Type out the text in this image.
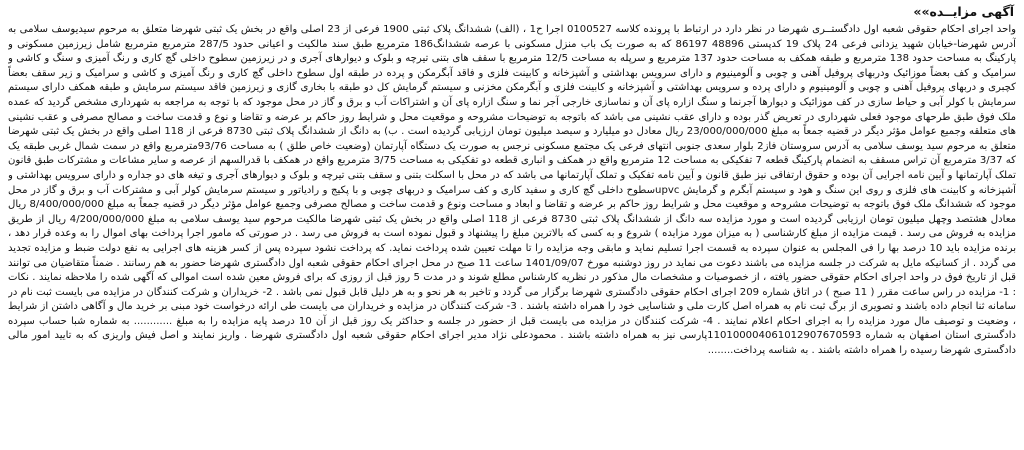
آگهی مزایــده»»

واحد اجرای احکام حقوقی شعبه اول دادگستــری شهرضا در نظر دارد در ارتباط با پرونده کلاسه 0100527 اجرا ح1 ، (الف) ششدانگ پلاک ثبتی 1900 فرعی از 23 اصلی واقع در بخش یک ثبتی شهرضا متعلق به مرحوم سیدیوسف سلامی به آدرس شهرضا-خیابان شهید یزدانی فرعی 24 پلاک 19 کدپستی 48896 86197 که به صورت یک باب منزل مسکونی با عرصه ششدانگ186 مترمربع طبق سند مالکیت و اعیانی حدود 287/5 مترمربع مترمربع شامل زیرزمین مسکونی و پارکینگ به مساحت حدود 138 مترمربع و طبقه همکف به مساحت حدود 137 مترمربع و سرپله به مساحت 12/5 مترمربع با سقف های بتنی تیرچه و بلوک و دیوارهای آجری و در زیرزمین سطوح داخلی گچ کاری و رنگ آمیزی و سنگ و کاشی و سرامیک و کف بعضاً موزائیک ودربهای پروفیل آهنی و چوبی و آلومینیوم و دارای سرویس بهداشتی و آشپزخانه و کابینت فلزی و فاقد آبگرمکن و پرده در طبقه اول سطوح داخلی گچ کاری و رنگ آمیزی و کاشی و سرامیک و زیر سقف بعضاً کچبری و دربهای پروفیل آهنی و چوبی و آلومینیوم و دارای پرده و سرویس بهداشتی و آشپزخانه و کابینت فلزی و آبگرمکن مخزنی و سیستم گرمایش کل دو طبقه با بخاری گازی و زیرزمین فاقد سیستم سرمایش و طبقه همکف دارای سیستم سرمایش با کولر آبی و حیاط سازی در کف موزائیک و دیوارها آجرنما و سنگ ازاره پای آن و نماسازی خارجی آجر نما و سنگ ازاره پای آن و اشتراکات آب و برق و گاز در محل موجود که با توجه به مراجعه به شهرداری مشخص گردید که عمده ملک فوق طبق طرحهای موجود فعلی شهرداری در تعریض گذر بوده و دارای عقب نشینی می باشد که باتوجه به توضیحات مشروحه و موقعیت محل و شرایط روز حاکم بر عرضه و تقاضا و نوع و قدمت ساخت و مصالح مصرفی و عقب نشینی های متعلقه وجمیع عوامل مؤثر دیگر در قضیه جمعاً به مبلغ 23/000/000/000 ریال معادل دو میلیارد و سیصد میلیون تومان ارزیابی گردیده است . ب) به دانگ از ششدانگ پلاک ثبتی 8730 فرعی از 118 اصلی واقع در بخش یک ثبتی شهرضا متعلق به مرحوم سید یوسف سلامی به آدرس سروستان فاز2 بلوار سعدی جنوبی انتهای فرعی یک مجتمع مسکونی نرجس به صورت یک دستگاه آپارتمان (وضعیت خاص طلق ) به مساحت 93/76مترمربع واقع در سمت شمال غربی طبقه یک که 3/37 مترمربع آن تراس مسقف به انضمام پارکینگ قطعه 7 تفکیکی به مساحت 12 مترمربع واقع در همکف و انباری قطعه دو تفکیکی به مساحت 3/75 مترمربع واقع در همکف با قدرالسهم از عرصه و سایر مشاعات و مشترکات طبق قانون تملک آپارتمانها و آیین نامه اجرایی آن بوده و حقوق ارتفاقی نیز طبق قانون و آیین نامه تفکیک و تملک آپارتمانها می باشد که در محل با اسکلت بتنی و سقف بتنی تیرچه و بلوک و دیوارهای آجری و تیغه های دو جداره و دارای سرویس بهداشتی و آشپزخانه و کابینت های فلزی و روی این سنگ و هود و سیستم آبگرم و گرمایش upvcسطوح داخلی گچ کاری و سفید کاری و کف سرامیک و دربهای چوبی و با پکیج و رادیاتور و سیستم سرمایش کولر آبی و مشترکات آب و برق و گاز در محل موجود که ششدانگ ملک فوق باتوجه به توضیحات مشروحه و موقعیت محل و شرایط روز حاکم بر عرضه و تقاضا و ابعاد و مساحت ونوع و قدمت ساخت و مصالح مصرفی وجمیع عوامل مؤثر دیگر در قضیه جمعاً به مبلغ 8/400/000/000 ریال معادل هشتصد وچهل میلیون تومان ارزیابی گردیده است و مورد مزایده سه دانگ از ششدانگ پلاک ثبتی 8730 فرعی از 118 اصلی واقع در بخش یک ثبتی شهرضا مالکیت مرحوم سید یوسف سلامی به مبلغ 4/200/000/000 ریال از طریق مزایده به فروش می رسد . قیمت مزایده از مبلغ کارشناسی ( به میزان مورد مزایده ) شروع و به کسی که بالاترین مبلغ را پیشنهاد و قبول نموده است به فروش می رسد . در صورتی که مامور اجرا پرداخت بهای اموال را به وعده قرار دهد ، برنده مزایده باید 10 درصد بها را فی المجلس به عنوان سپرده به قسمت اجرا تسلیم نماید و مابقی وجه مزایده را تا مهلت تعیین شده پرداخت نماید. که پرداخت نشود سپرده پس از کسر هزینه های اجرایی به نفع دولت ضبط و مزایده تجدید می گردد . از کسانیکه مایل به شرکت در جلسه مزایده می باشند دعوت می نماید در روز دوشنبه مورخ 1401/09/07 ساعت 11 صبح در محل اجرای احکام حقوقی شعبه اول دادگستری شهرضا حضور به هم رسانند . ضمناً متقاضیان می توانند قبل از تاریخ فوق در واحد اجرای احکام حقوقی حضور یافته ، از خصوصیات و مشخصات مال مذکور در نظریه کارشناس مطلع شوند و در مدت 5 روز قبل از روزی که برای فروش معین شده است اموالی که آگهی شده را ملاحظه نمایند . نکات : 1- مزایده در راس ساعت مقرر ( 11 صبح ) در اتاق شماره 209 اجرای احکام حقوقی دادگستری شهرضا برگزار می گردد و تاخیر به هر نحو و به هر دلیل قابل قبول نمی باشد . 2- خریداران و شرکت کنندگان در مزایده می بایست ثبت نام در سامانه ثنا انجام داده باشند و تصویری از برگ ثبت نام به همراه اصل کارت ملی و شناسایی خود را همراه داشته باشند . 3- شرکت کنندگان در مزایده و خریداران می بایست طی ارائه درخواست خود مبنی بر خرید مال و آگاهی داشتن از شرایط ، وضعیت و توصیف مال مورد مزایده را به اجرای احکام اعلام نمایند . 4- شرکت کنندگان در مزایده می بایست قبل از حضور در جلسه و حداکثر یک روز قبل از آن 10 درصد پایه مزایده را به مبلغ ............ به شماره شبا حساب سپرده دادگستری استان اصفهان به شماره 110100004061012907670593پارسی نیز به همراه داشته باشند . محمودعلی نژاد مدیر اجرای احکام حقوقی شعبه اول دادگستری شهرضا . واریز نمایند و اصل فیش واریزی که به تایید امور مالی دادگستری شهرضا رسیده را همراه داشته باشند . به شناسه پرداخت........
